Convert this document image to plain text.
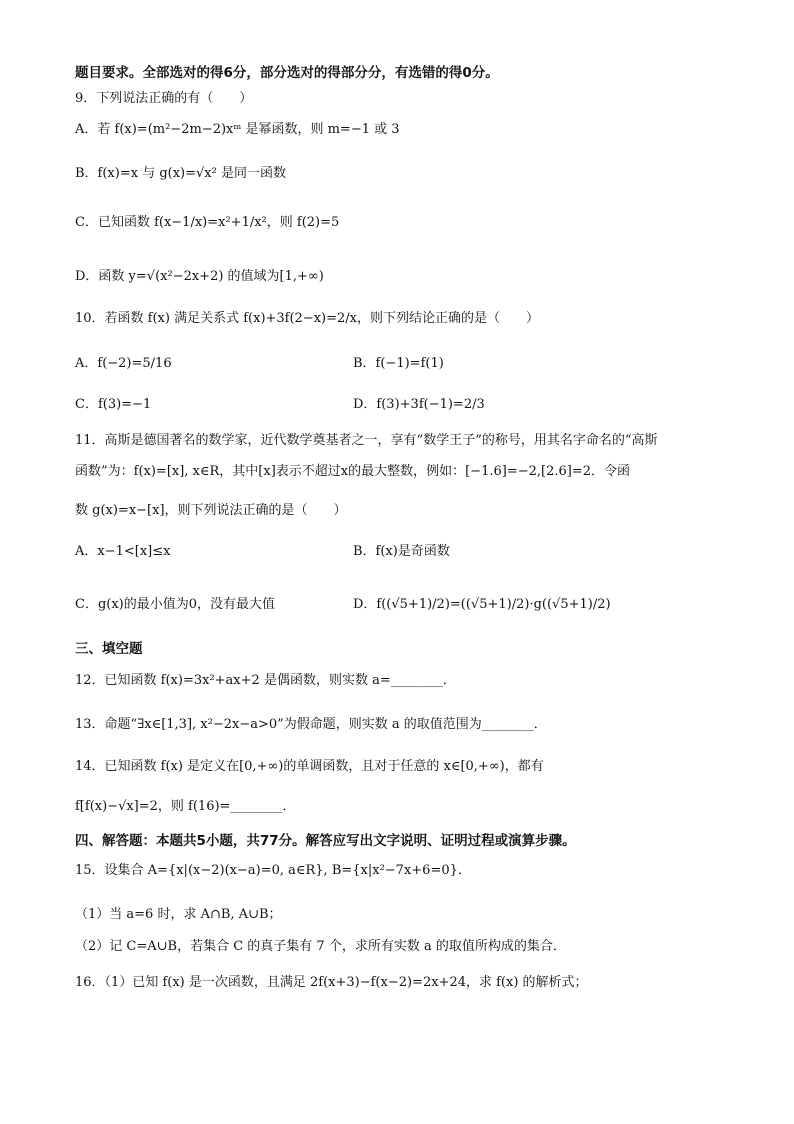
题目要求。全部选对的得6分，部分选对的得部分分，有选错的得0分。
9．下列说法正确的有（　　）
A．若 f(x)=(m²−2m−2)xᵐ 是幂函数，则 m=−1 或 3
B．f(x)=x 与 g(x)=√x² 是同一函数
C．已知函数 f(x−1/x)=x²+1/x²，则 f(2)=5
D．函数 y=√(x²−2x+2) 的值域为[1,+∞)
10．若函数 f(x) 满足关系式 f(x)+3f(2−x)=2/x，则下列结论正确的是（　　）
A．f(−2)=5/16	B．f(−1)=f(1)
C．f(3)=−1	D．f(3)+3f(−1)=2/3
11．高斯是德国著名的数学家，近代数学奠基者之一，享有“数学王子”的称号，用其名字命名的“高斯
函数”为：f(x)=[x], x∈R，其中[x]表示不超过x的最大整数，例如：[−1.6]=−2,[2.6]=2．令函
数 g(x)=x−[x]，则下列说法正确的是（　　）
A．x−1<[x]≤x	B．f(x)是奇函数
C．g(x)的最小值为0，没有最大值	D．f((√5+1)/2)=((√5+1)/2)·g((√5+1)/2)
三、填空题
12．已知函数 f(x)=3x²+ax+2 是偶函数，则实数 a=________．
13．命题“∃x∈[1,3], x²−2x−a>0”为假命题，则实数 a 的取值范围为________．
14．已知函数 f(x) 是定义在[0,+∞)的单调函数，且对于任意的 x∈[0,+∞)，都有
f[f(x)−√x]=2，则 f(16)=________．
四、解答题：本题共5小题，共77分。解答应写出文字说明、证明过程或演算步骤。
15．设集合 A={x|(x−2)(x−a)=0, a∈R}, B={x|x²−7x+6=0}．
（1）当 a=6 时，求 A∩B, A∪B；
（2）记 C=A∪B，若集合 C 的真子集有 7 个，求所有实数 a 的取值所构成的集合．
16．（1）已知 f(x) 是一次函数，且满足 2f(x+3)−f(x−2)=2x+24，求 f(x) 的解析式；
